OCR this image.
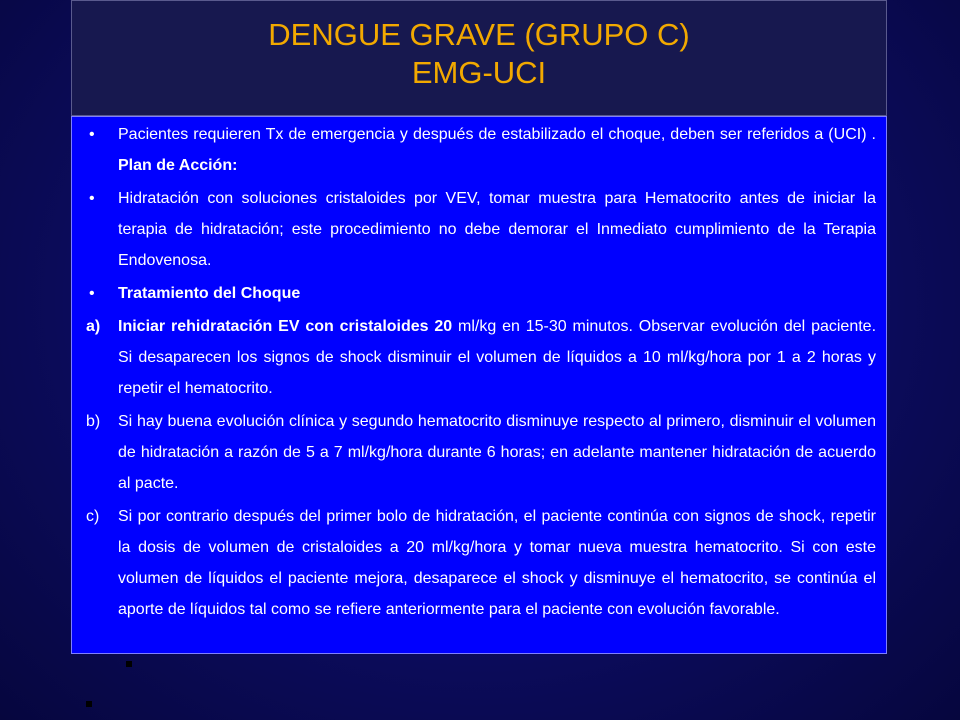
DENGUE GRAVE (GRUPO C)
EMG-UCI
•	Pacientes requieren Tx de emergencia y después de estabilizado el choque, deben ser referidos a (UCI) . Plan de Acción:
•	Hidratación con soluciones cristaloides por VEV, tomar muestra para Hematocrito antes de iniciar la terapia de hidratación; este procedimiento no debe demorar el Inmediato cumplimiento de la Terapia Endovenosa.
•	Tratamiento del Choque
a)	Iniciar rehidratación EV con cristaloides 20 ml/kg en 15-30 minutos. Observar evolución del paciente. Si desaparecen los signos de shock disminuir el volumen de líquidos a 10 ml/kg/hora por 1 a 2 horas y repetir el hematocrito.
b)	Si hay buena evolución clínica y segundo hematocrito disminuye respecto al primero, disminuir el volumen de hidratación a razón de 5 a 7 ml/kg/hora durante 6 horas; en adelante mantener hidratación de acuerdo al pacte.
c)	Si por contrario después del primer bolo de hidratación, el paciente continúa con signos de shock, repetir la dosis de volumen de cristaloides a 20 ml/kg/hora y tomar nueva muestra hematocrito. Si con este volumen de líquidos el paciente mejora, desaparece el shock y disminuye el hematocrito, se continúa el aporte de líquidos tal como se refiere anteriormente para el paciente con evolución favorable.
